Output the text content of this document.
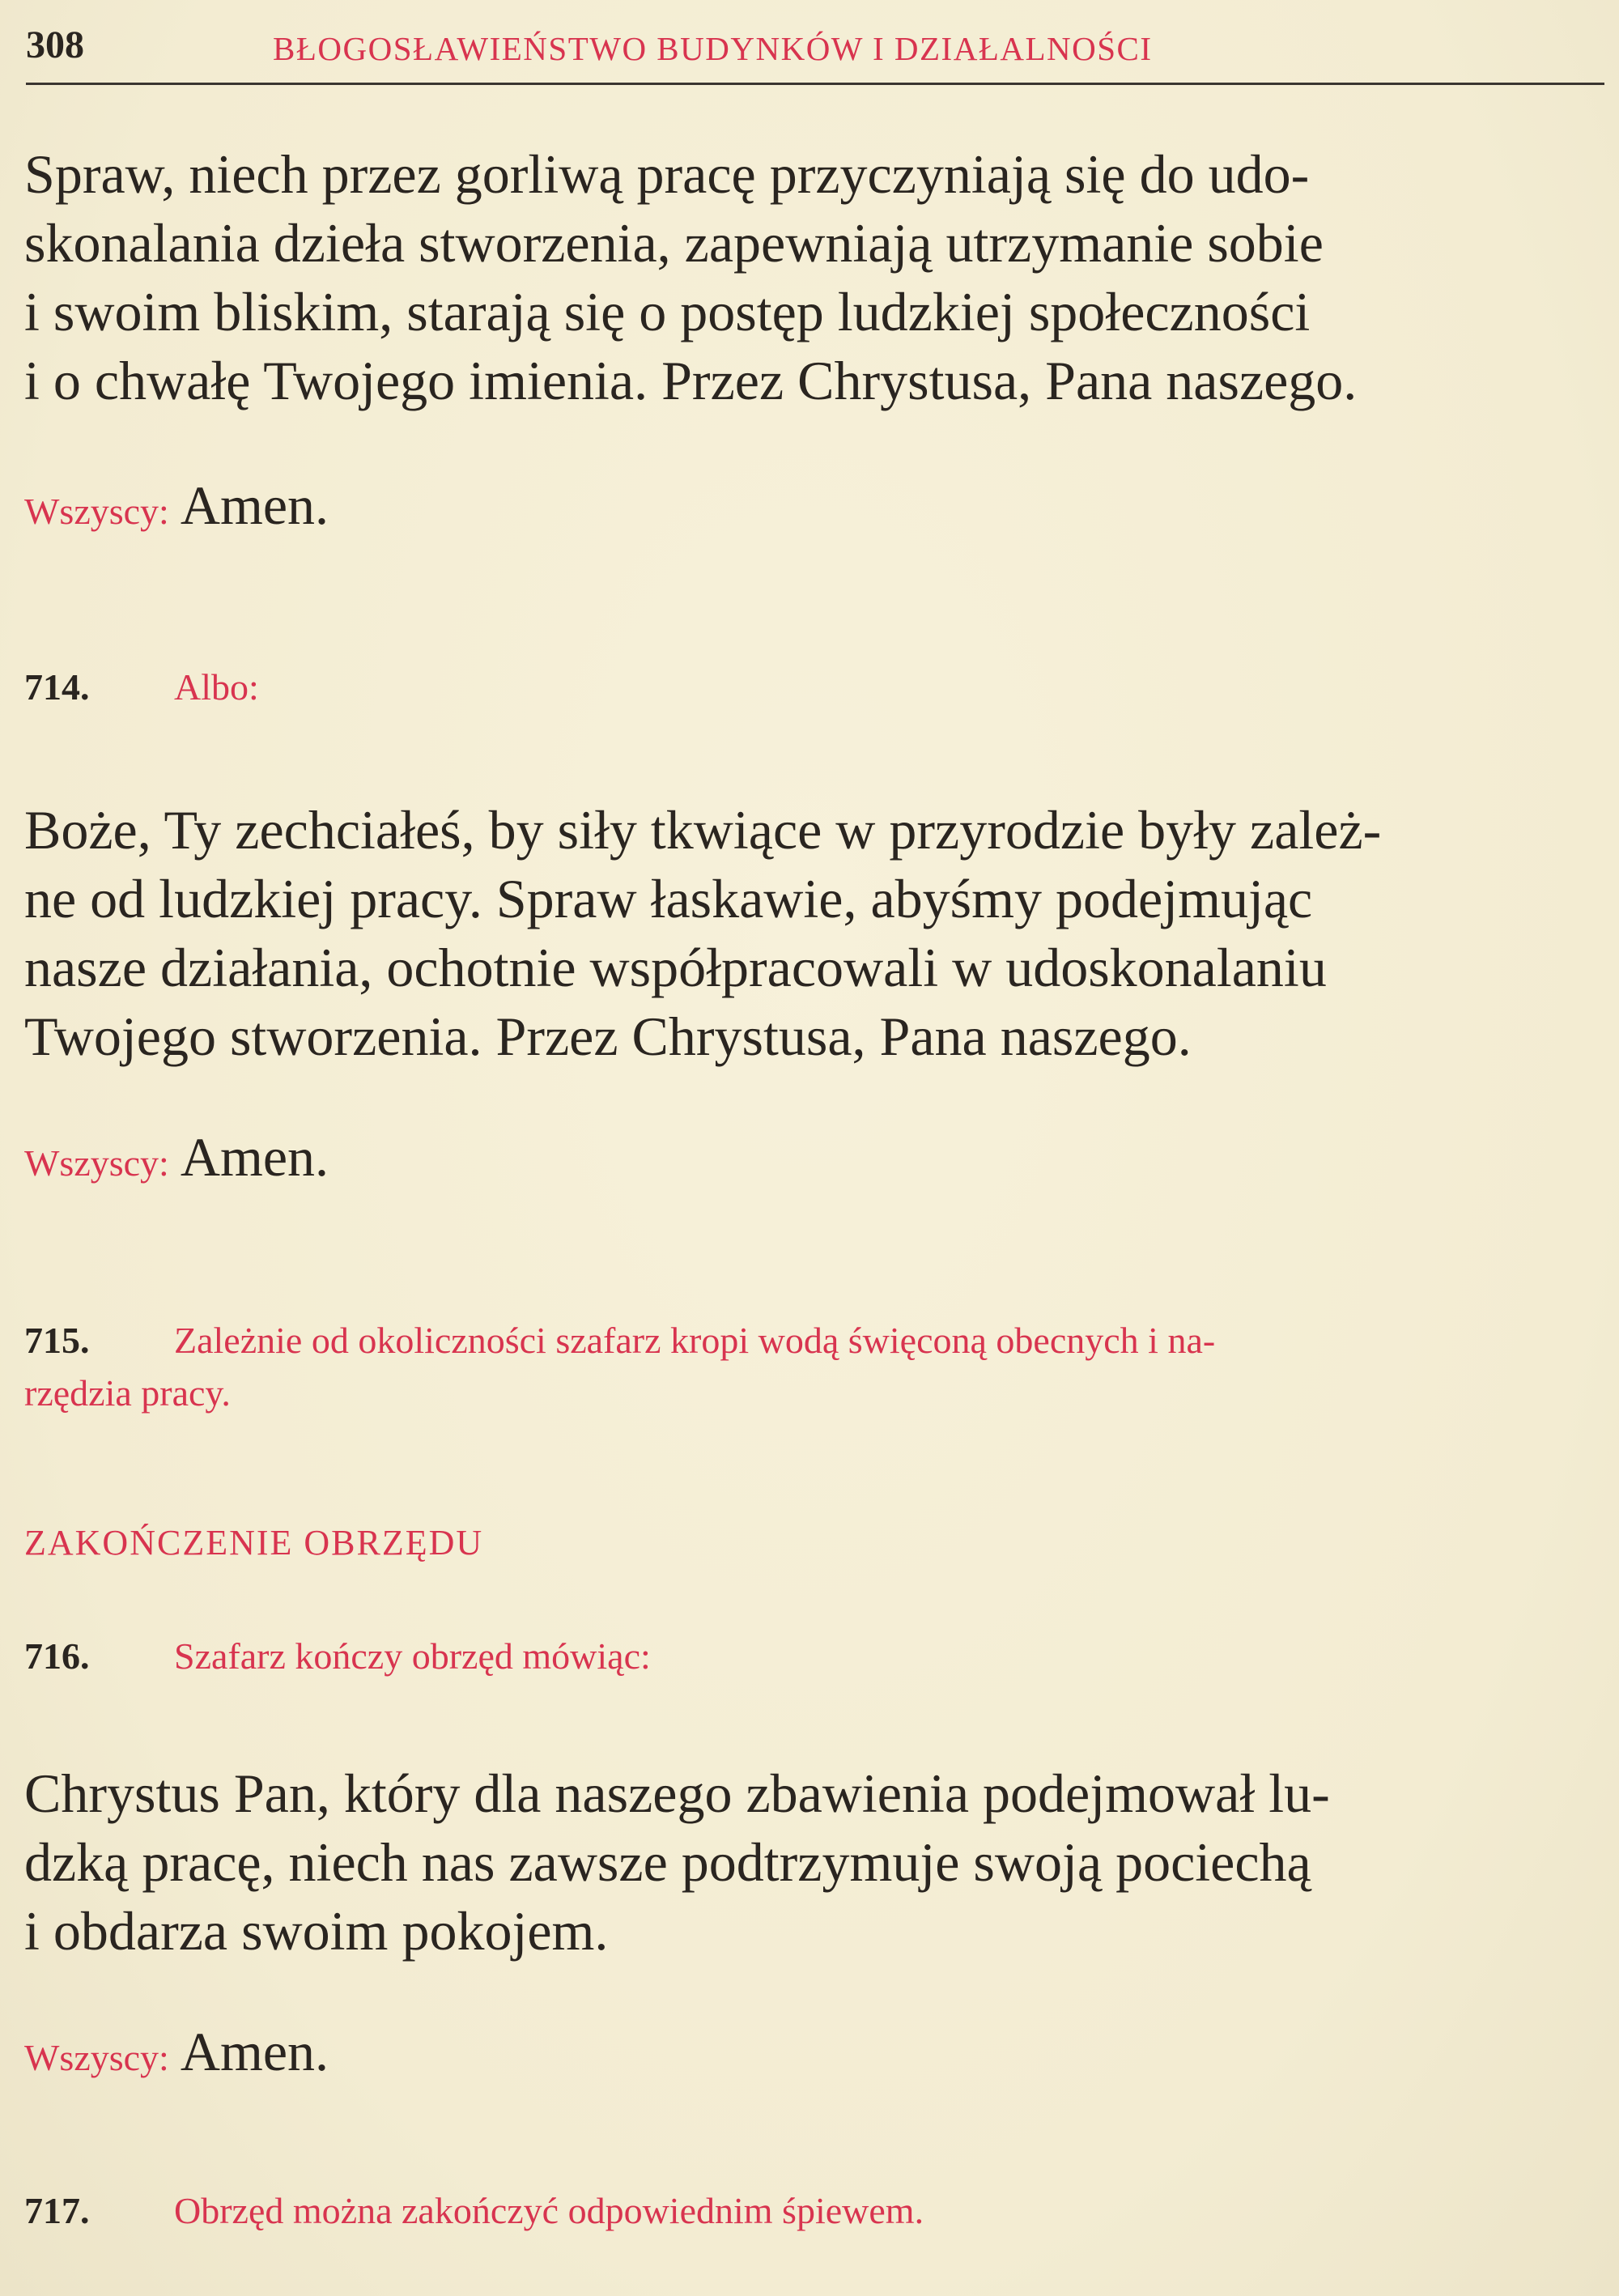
308	BŁOGOSŁAWIEŃSTWO BUDYNKÓW I DZIAŁALNOŚCI
Spraw, niech przez gorliwą pracę przyczyniają się do udo-
skonalania dzieła stworzenia, zapewniają utrzymanie sobie
i swoim bliskim, starają się o postęp ludzkiej społeczności
i o chwałę Twojego imienia. Przez Chrystusa, Pana naszego.
Wszyscy: Amen.
714. Albo:
Boże, Ty zechciałeś, by siły tkwiące w przyrodzie były zależ-
ne od ludzkiej pracy. Spraw łaskawie, abyśmy podejmując
nasze działania, ochotnie współpracowali w udoskonalaniu
Twojego stworzenia. Przez Chrystusa, Pana naszego.
Wszyscy: Amen.
715. Zależnie od okoliczności szafarz kropi wodą święconą obecnych i na-
rzędzia pracy.
ZAKOŃCZENIE OBRZĘDU
716. Szafarz kończy obrzęd mówiąc:
Chrystus Pan, który dla naszego zbawienia podejmował lu-
dzką pracę, niech nas zawsze podtrzymuje swoją pociechą
i obdarza swoim pokojem.
Wszyscy: Amen.
717. Obrzęd można zakończyć odpowiednim śpiewem.
